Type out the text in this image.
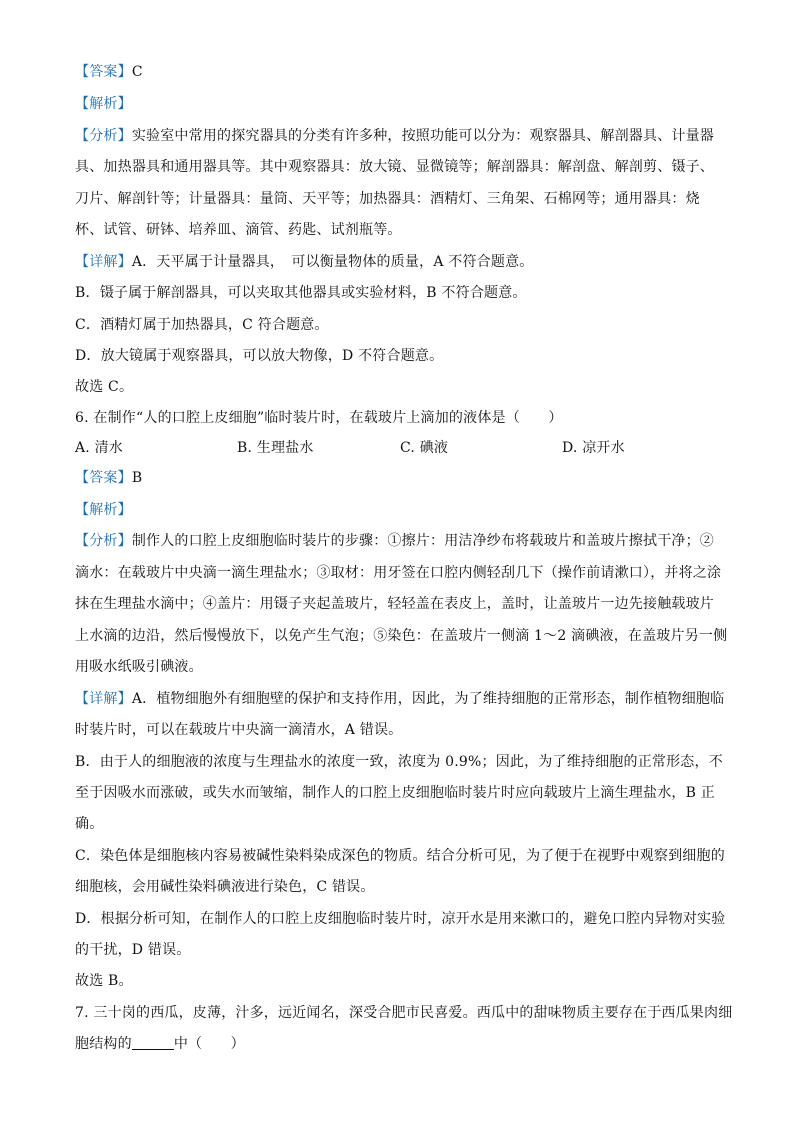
【答案】C
【解析】
【分析】实验室中常用的探究器具的分类有许多种，按照功能可以分为：观察器具、解剖器具、计量器
具、加热器具和通用器具等。其中观察器具：放大镜、显微镜等；解剖器具：解剖盘、解剖剪、镊子、
刀片、解剖针等；计量器具：量筒、天平等；加热器具：酒精灯、三角架、石棉网等；通用器具：烧
杯、试管、研钵、培养皿、滴管、药匙、试剂瓶等。
【详解】A．天平属于计量器具，　可以衡量物体的质量，A 不符合题意。
B．镊子属于解剖器具，可以夹取其他器具或实验材料，B 不符合题意。
C．酒精灯属于加热器具，C 符合题意。
D．放大镜属于观察器具，可以放大物像，D 不符合题意。
故选 C。
6. 在制作“人的口腔上皮细胞”临时装片时，在载玻片上滴加的液体是（　　）
A. 清水	B. 生理盐水	C. 碘液	D. 凉开水
【答案】B
【解析】
【分析】制作人的口腔上皮细胞临时装片的步骤：①擦片：用洁净纱布将载玻片和盖玻片擦拭干净；②
滴水：在载玻片中央滴一滴生理盐水；③取材：用牙签在口腔内侧轻刮几下（操作前请漱口），并将之涂
抹在生理盐水滴中；④盖片：用镊子夹起盖玻片，轻轻盖在表皮上，盖时，让盖玻片一边先接触载玻片
上水滴的边沿，然后慢慢放下，以免产生气泡；⑤染色：在盖玻片一侧滴 1～2 滴碘液，在盖玻片另一侧
用吸水纸吸引碘液。
【详解】A．植物细胞外有细胞壁的保护和支持作用，因此，为了维持细胞的正常形态，制作植物细胞临
时装片时，可以在载玻片中央滴一滴清水，A 错误。
B．由于人的细胞液的浓度与生理盐水的浓度一致，浓度为 0.9%；因此，为了维持细胞的正常形态，不
至于因吸水而涨破，或失水而皱缩，制作人的口腔上皮细胞临时装片时应向载玻片上滴生理盐水，B 正
确。
C．染色体是细胞核内容易被碱性染料染成深色的物质。结合分析可见，为了便于在视野中观察到细胞的
细胞核，会用碱性染料碘液进行染色，C 错误。
D．根据分析可知，在制作人的口腔上皮细胞临时装片时，凉开水是用来漱口的，避免口腔内异物对实验
的干扰，D 错误。
故选 B。
7. 三十岗的西瓜，皮薄，汁多，远近闻名，深受合肥市民喜爱。西瓜中的甜味物质主要存在于西瓜果肉细
胞结构的	中（　　）
